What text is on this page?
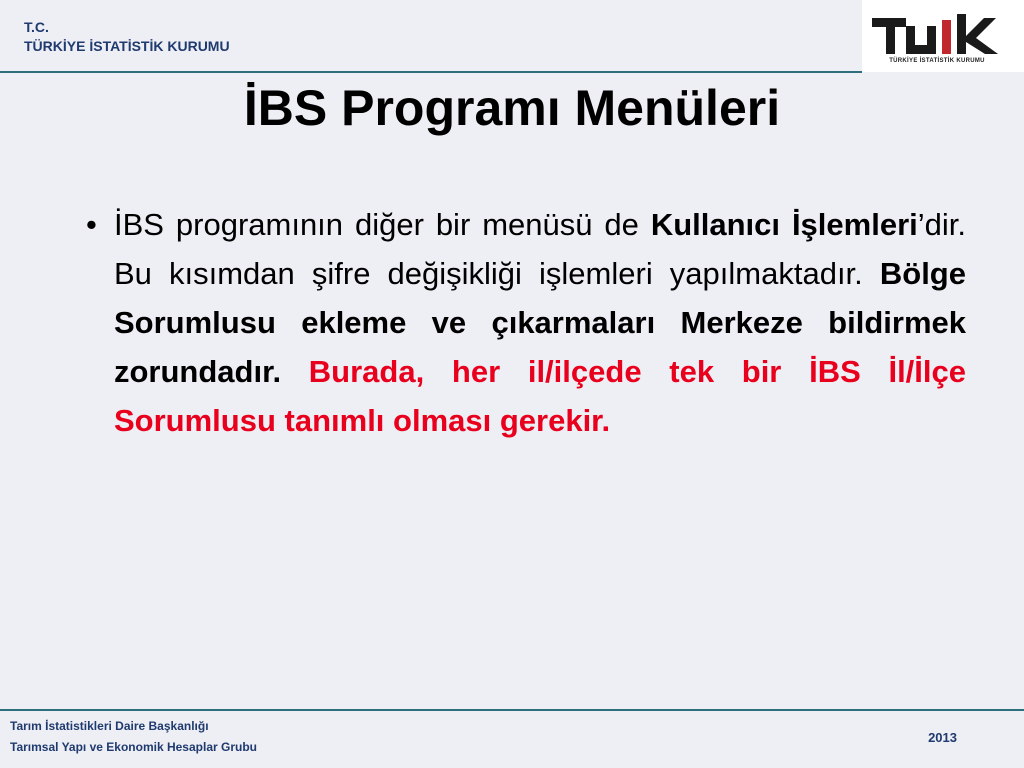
T.C.
TÜRKİYE İSTATİSTİK KURUMU
TÜRKİYE İSTATİSTİK KURUMU
İBS Programı Menüleri
• İBS programının diğer bir menüsü de Kullanıcı İşlemleri’dir. Bu kısımdan şifre değişikliği işlemleri yapılmaktadır. Bölge Sorumlusu ekleme ve çıkarmaları Merkeze bildirmek zorundadır. Burada, her il/ilçede tek bir İBS İl/İlçe Sorumlusu tanımlı olması gerekir.
Tarım İstatistikleri Daire Başkanlığı
Tarımsal Yapı ve Ekonomik Hesaplar Grubu
2013
